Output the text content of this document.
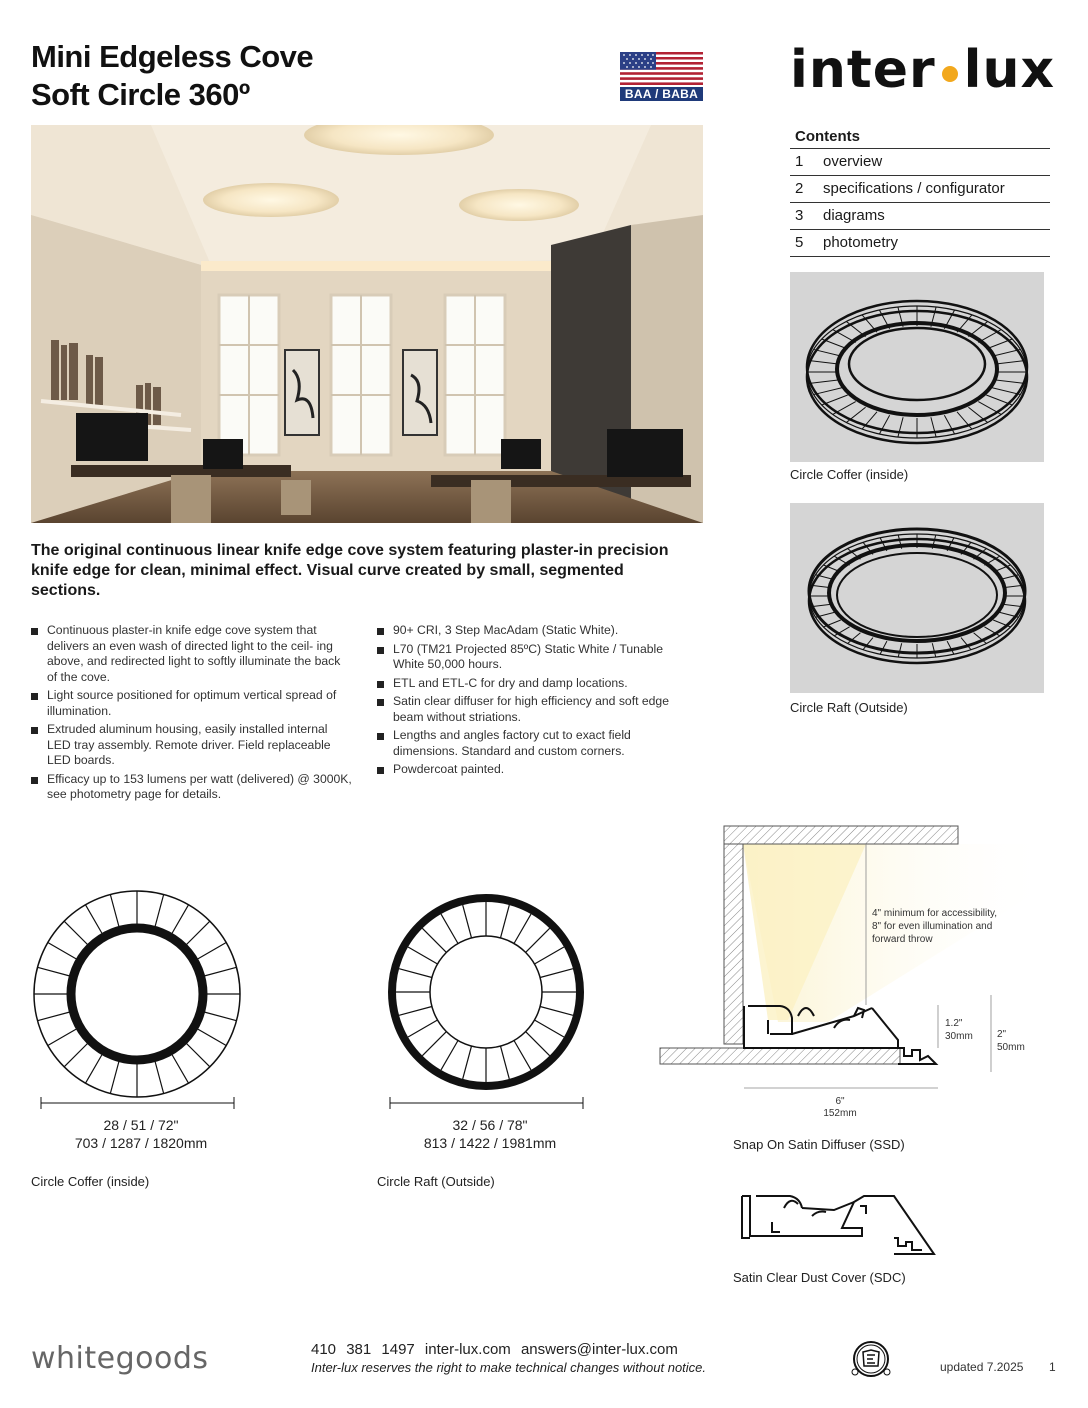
Mini Edgeless Cove
Soft Circle 360º	BAA / BABA inter lux
Contents
1	overview
2	specifications / configurator
3	diagrams
5	photometry
Circle Coffer (inside)
Circle Raft (Outside)
The original continuous linear knife edge cove system featuring plaster-in precision knife edge for clean, minimal effect. Visual curve created by small, segmented sections.
Continuous plaster-in knife edge cove system that delivers an even wash of directed light to the ceil- ing above, and redirected light to softly illuminate the back of the cove.
Light source positioned for optimum vertical spread of illumination.
Extruded aluminum housing, easily installed internal LED tray assembly. Remote driver. Field replaceable LED boards.
Efficacy up to 153 lumens per watt (delivered) @ 3000K, see photometry page for details.
90+ CRI, 3 Step MacAdam (Static White).
L70 (TM21 Projected 85ºC) Static White / Tunable White 50,000 hours.
ETL and ETL-C for dry and damp locations.
Satin clear diffuser for high efficiency and soft edge beam without striations.
Lengths and angles factory cut to exact field dimensions. Standard and custom corners.
Powdercoat painted.
28 / 51 / 72"
703 / 1287 / 1820mm
Circle Coffer (inside)
32 / 56 / 78"
813 / 1422 / 1981mm
Circle Raft (Outside)
4" minimum for accessibility,
8" for even illumination and
forward throw
1.2"
30mm 2"
50mm
6"
152mm
Snap On Satin Diffuser (SSD)
Satin Clear Dust Cover (SDC)
whitegoods	410 381 1497 inter-lux.com answers@inter-lux.com
Inter-lux reserves the right to make technical changes without notice.	updated 7.2025 1
